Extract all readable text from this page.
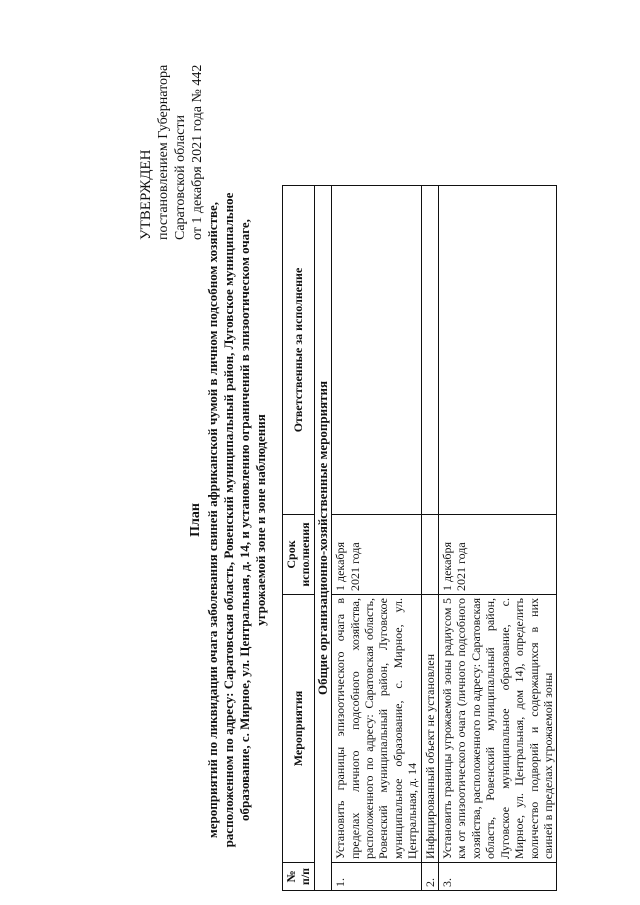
УТВЕРЖДЕН постановлением Губернатора Саратовской области от 1 декабря 2021 года № 442
План мероприятий по ликвидации очага заболевания свиней африканской чумой в личном подсобном хозяйстве, расположенном по адресу: Саратовская область, Ровенский муниципальный район, Луговское муниципальное образование, с. Мирное, ул. Центральная, д. 14, и установлению ограничений в эпизоотическом очаге, угрожаемой зоне и зоне наблюдения
№ п/п	Мероприятия	Срок исполнения	Ответственные за исполнение
Общие организационно-хозяйственные мероприятия			
1.	Установить границы эпизоотического очага в пределах личного подсобного хозяйства, расположенного по адресу: Саратовская область, Ровенский муниципальный район, Луговское муниципальное образование, с. Мирное, ул. Центральная, д. 14	1 декабря 2021 года	
2.	Инфицированный объект не установлен		
3.	Установить границы угрожаемой зоны радиусом 5 км от эпизоотического очага (личного подсобного хозяйства, расположенного по адресу: Саратовская область, Ровенский муниципальный район, Луговское муниципальное образование, с. Мирное, ул. Центральная, дом 14), определить количество подворий и содержащихся в них свиней в пределах угрожаемой зоны	1 декабря 2021 года	
